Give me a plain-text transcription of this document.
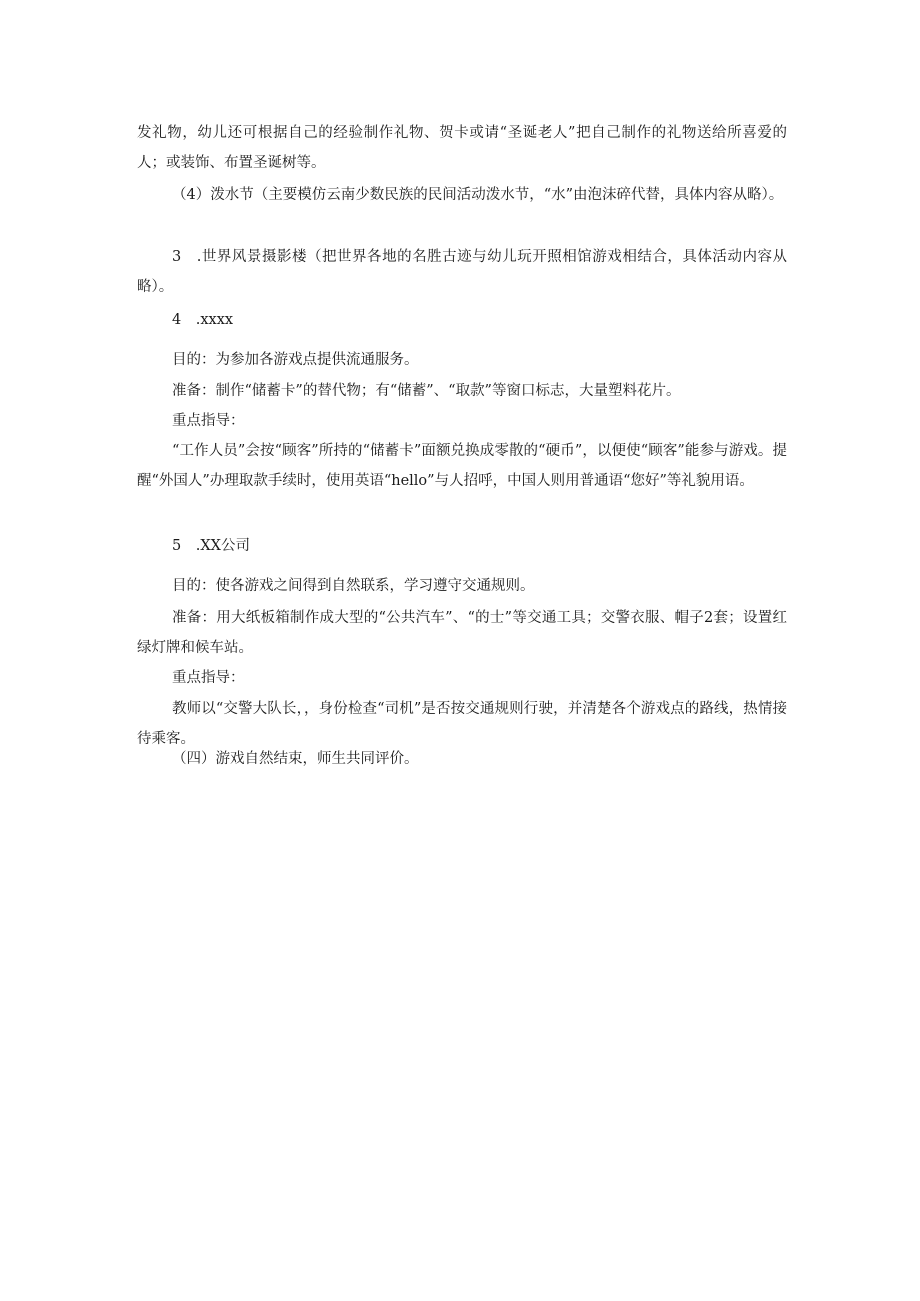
发礼物，幼儿还可根据自己的经验制作礼物、贺卡或请“圣诞老人”把自己制作的礼物送给所喜爱的人；或装饰、布置圣诞树等。

（4）泼水节（主要模仿云南少数民族的民间活动泼水节，“水”由泡沫碎代替，具体内容从略）。

3　.世界风景摄影楼（把世界各地的名胜古迹与幼儿玩开照相馆游戏相结合，具体活动内容从略）。

4　.xxxx

目的：为参加各游戏点提供流通服务。

准备：制作“储蓄卡”的替代物；有“储蓄”、“取款”等窗口标志，大量塑料花片。

重点指导：

“工作人员”会按“顾客”所持的“储蓄卡”面额兑换成零散的“硬币”，以便使“顾客”能参与游戏。提醒“外国人”办理取款手续时，使用英语“hello”与人招呼，中国人则用普通语“您好”等礼貌用语。

5　.XX公司

目的：使各游戏之间得到自然联系，学习遵守交通规则。

准备：用大纸板箱制作成大型的“公共汽车”、“的士”等交通工具；交警衣服、帽子2套；设置红绿灯牌和候车站。

重点指导：

教师以“交警大队长，，身份检查“司机”是否按交通规则行驶，并清楚各个游戏点的路线，热情接待乘客。

（四）游戏自然结束，师生共同评价。
